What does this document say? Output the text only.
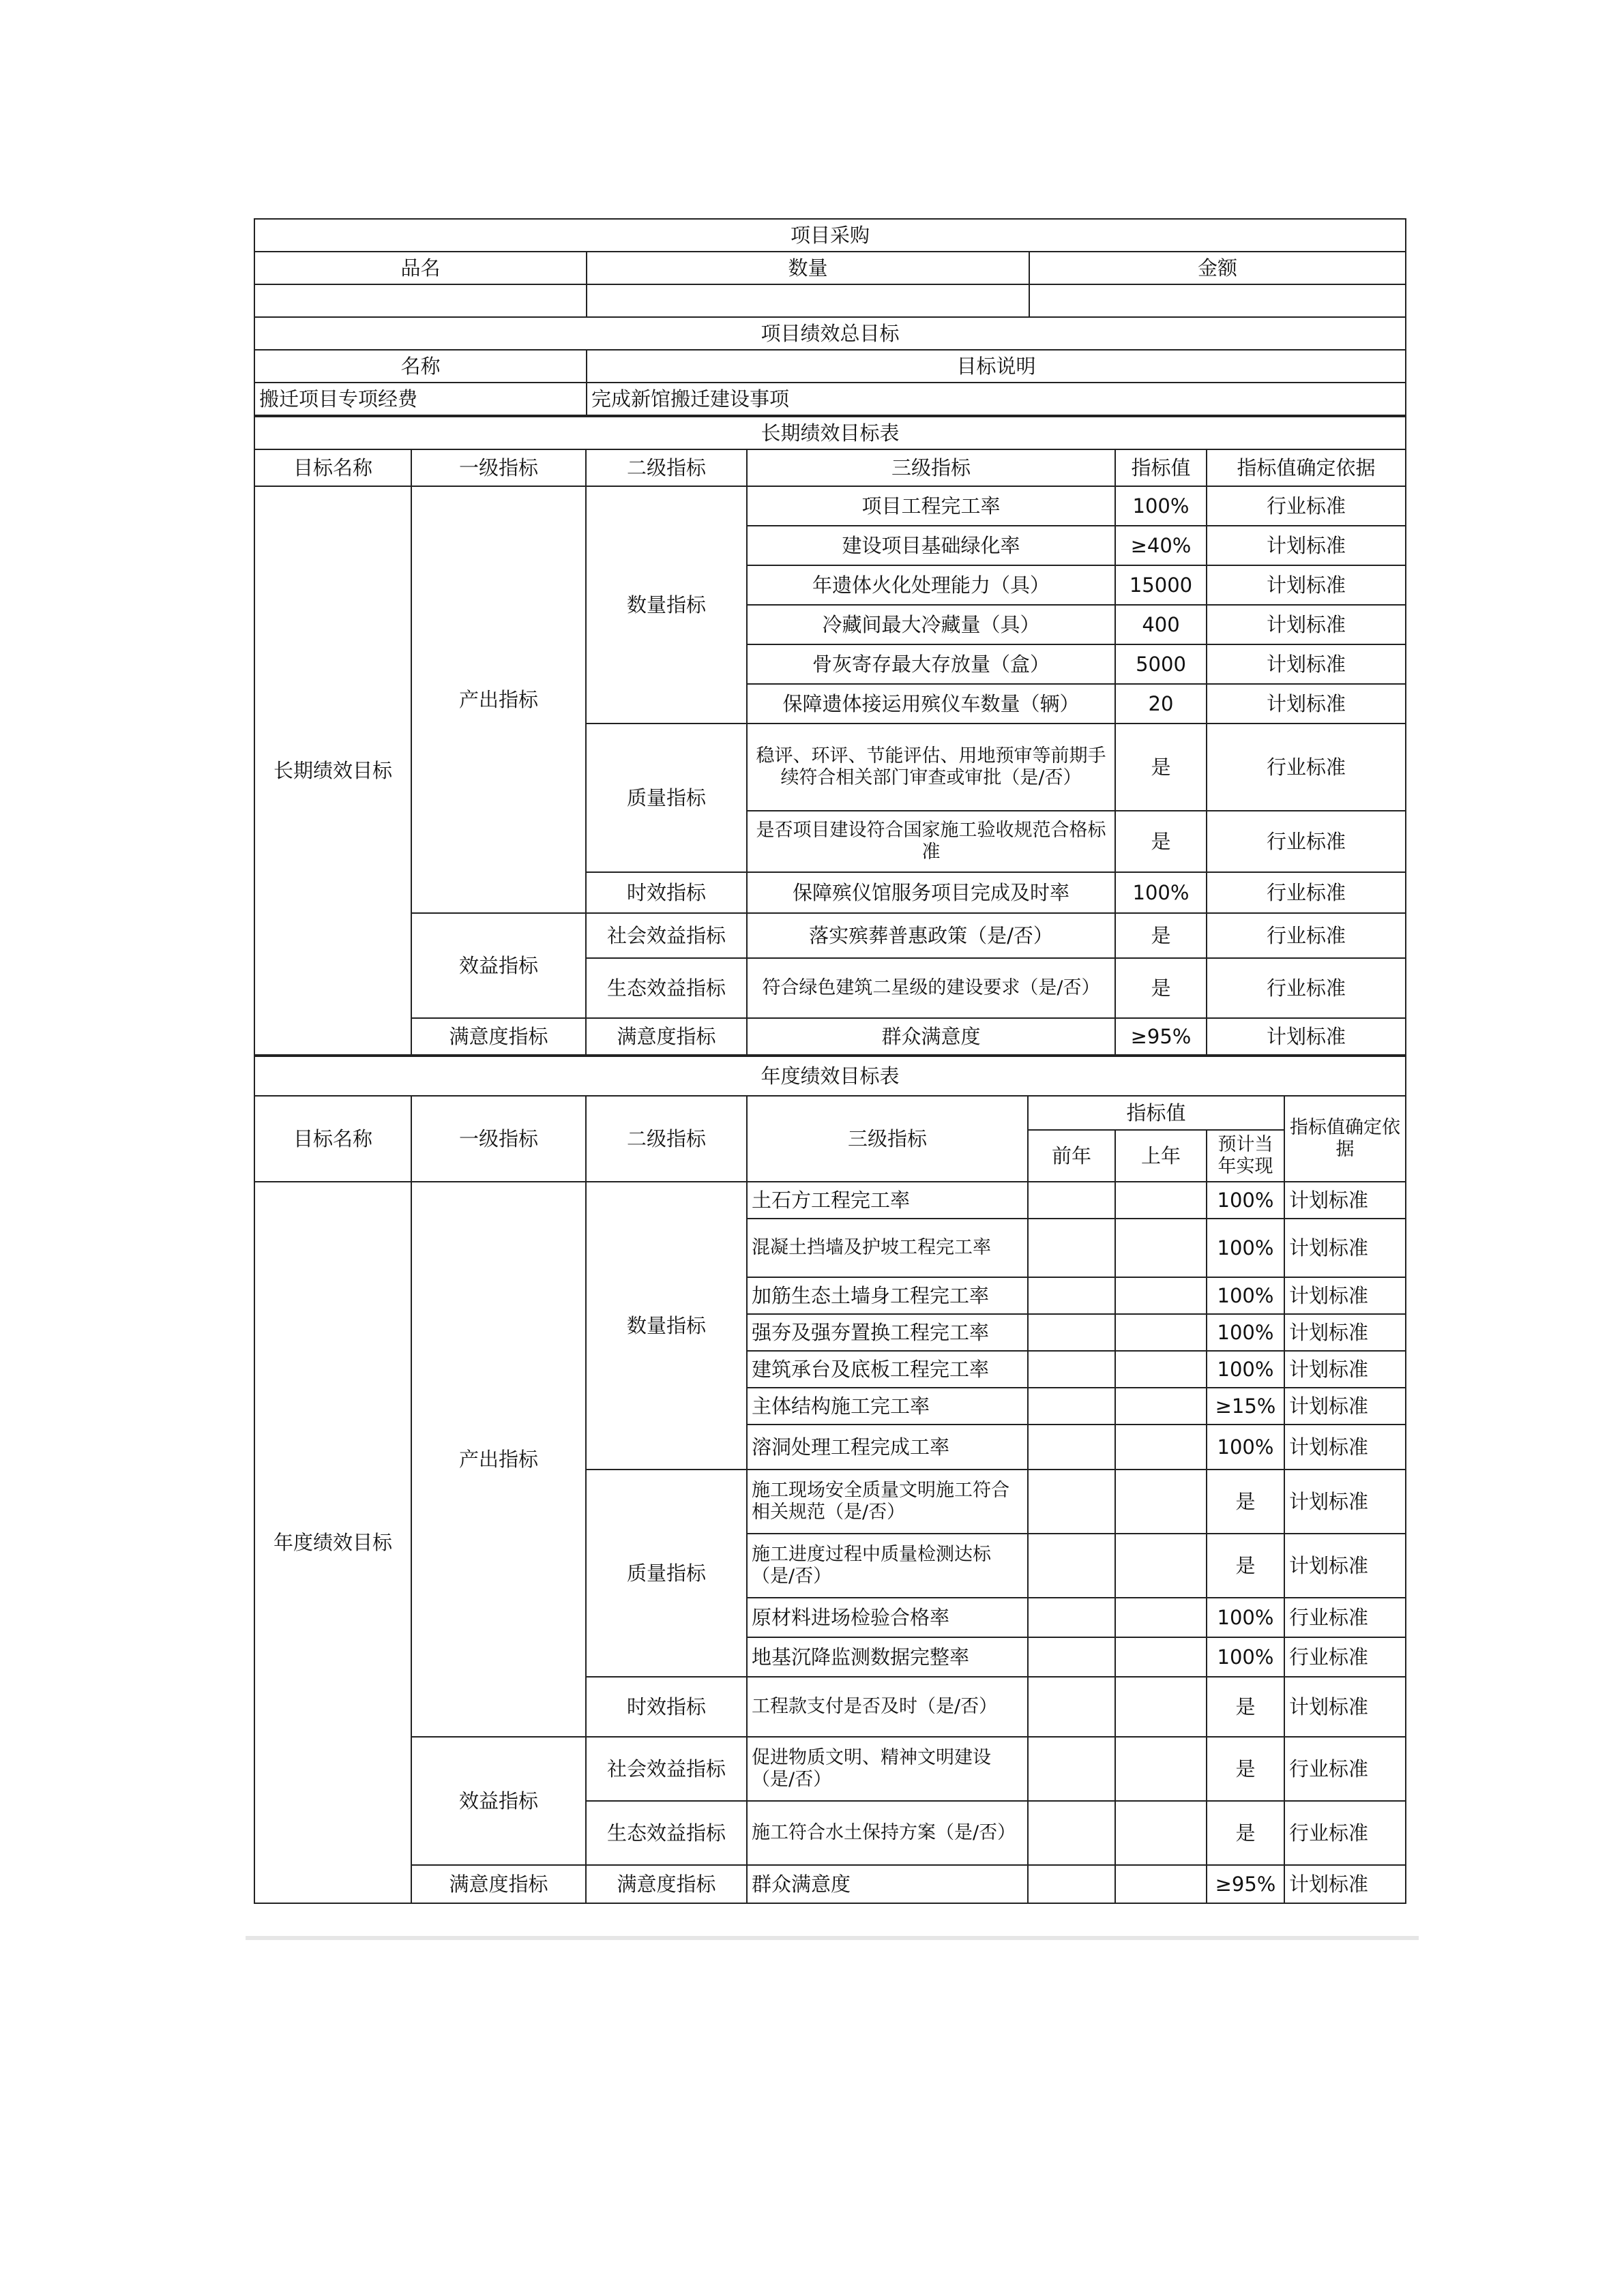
项目采购		
品名	数量	金额

项目绩效总目标		
名称	目标说明	
搬迁项目专项经费	完成新馆搬迁建设事项	
长期绩效目标表					
目标名称	一级指标	二级指标	三级指标	指标值	指标值确定依据
长期绩效目标	产出指标	数量指标	项目工程完工率	100%	行业标准
			建设项目基础绿化率	≥40%	计划标准
			年遗体火化处理能力（具）	15000	计划标准
			冷藏间最大冷藏量（具）	400	计划标准
			骨灰寄存最大存放量（盒）	5000	计划标准
			保障遗体接运用殡仪车数量（辆）	20	计划标准
		质量指标	稳评、环评、节能评估、用地预审等前期手续符合相关部门审查或审批（是/否）	是	行业标准
			是否项目建设符合国家施工验收规范合格标准	是	行业标准
		时效指标	保障殡仪馆服务项目完成及时率	100%	行业标准
	效益指标	社会效益指标	落实殡葬普惠政策（是/否）	是	行业标准
		生态效益指标	符合绿色建筑二星级的建设要求（是/否）	是	行业标准
	满意度指标	满意度指标	群众满意度	≥95%	计划标准
年度绩效目标表							
目标名称	一级指标	二级指标	三级指标	指标值			指标值确定依据
				前年	上年	预计当年实现	
年度绩效目标	产出指标	数量指标	土石方工程完工率			100%	计划标准
			混凝土挡墙及护坡工程完工率			100%	计划标准
			加筋生态土墙身工程完工率			100%	计划标准
			强夯及强夯置换工程完工率			100%	计划标准
			建筑承台及底板工程完工率			100%	计划标准
			主体结构施工完工率			≥15%	计划标准
			溶洞处理工程完成工率			100%	计划标准
		质量指标	施工现场安全质量文明施工符合相关规范（是/否）			是	计划标准
			施工进度过程中质量检测达标（是/否）			是	计划标准
			原材料进场检验合格率			100%	行业标准
			地基沉降监测数据完整率			100%	行业标准
		时效指标	工程款支付是否及时（是/否）			是	计划标准
	效益指标	社会效益指标	促进物质文明、精神文明建设（是/否）			是	行业标准
		生态效益指标	施工符合水土保持方案（是/否）			是	行业标准
	满意度指标	满意度指标	群众满意度			≥95%	计划标准
